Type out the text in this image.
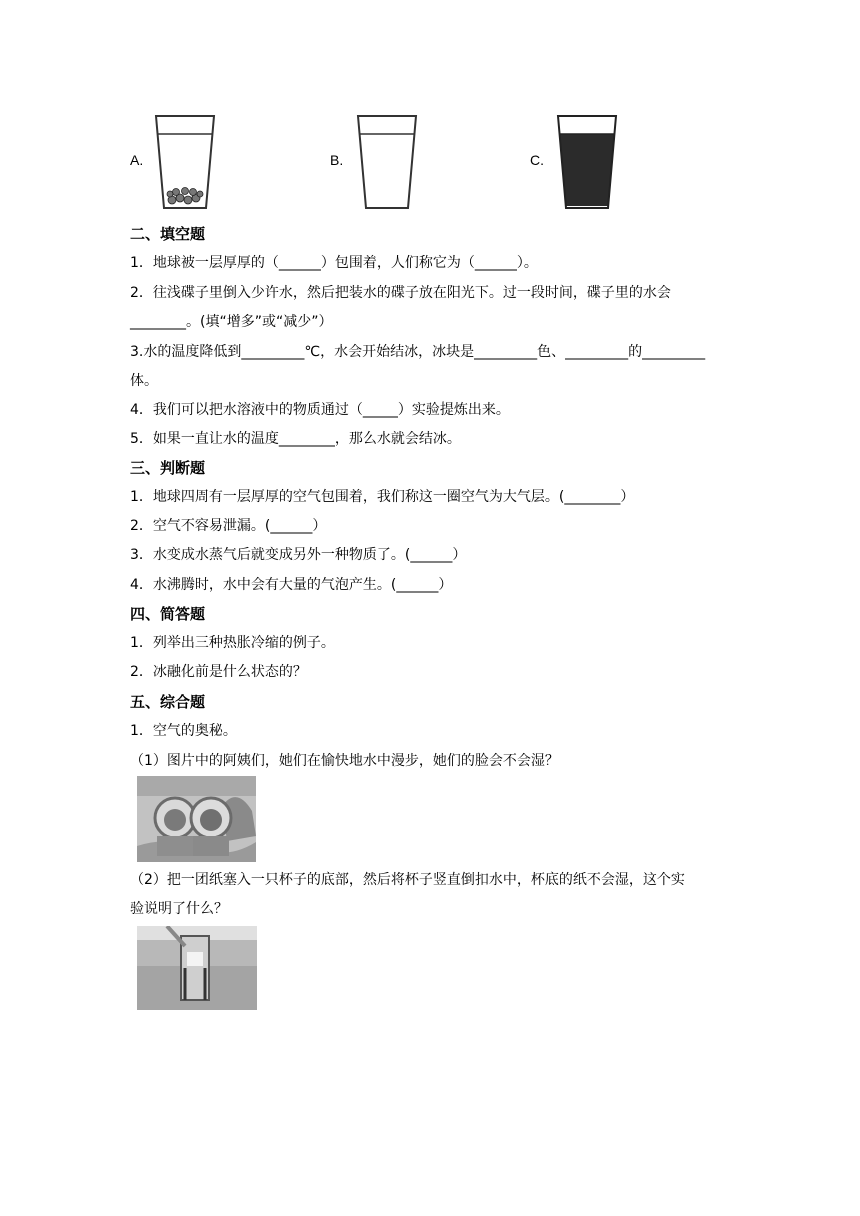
A.	B.	C.
二、填空题
1．地球被一层厚厚的（______）包围着，人们称它为（______）。
2．往浅碟子里倒入少许水，然后把装水的碟子放在阳光下。过一段时间，碟子里的水会
________。(填“增多”或“减少”）
3.水的温度降低到_________℃，水会开始结冰，冰块是_________色、_________的_________
体。
4．我们可以把水溶液中的物质通过（_____）实验提炼出来。
5．如果一直让水的温度________，那么水就会结冰。
三、判断题
1．地球四周有一层厚厚的空气包围着，我们称这一圈空气为大气层。(________）
2．空气不容易泄漏。(______）
3．水变成水蒸气后就变成另外一种物质了。(______）
4．水沸腾时，水中会有大量的气泡产生。(______）
四、简答题
1．列举出三种热胀冷缩的例子。
2．冰融化前是什么状态的？
五、综合题
1．空气的奥秘。
（1）图片中的阿姨们，她们在愉快地水中漫步，她们的脸会不会湿？
（2）把一团纸塞入一只杯子的底部，然后将杯子竖直倒扣水中，杯底的纸不会湿，这个实
验说明了什么？
